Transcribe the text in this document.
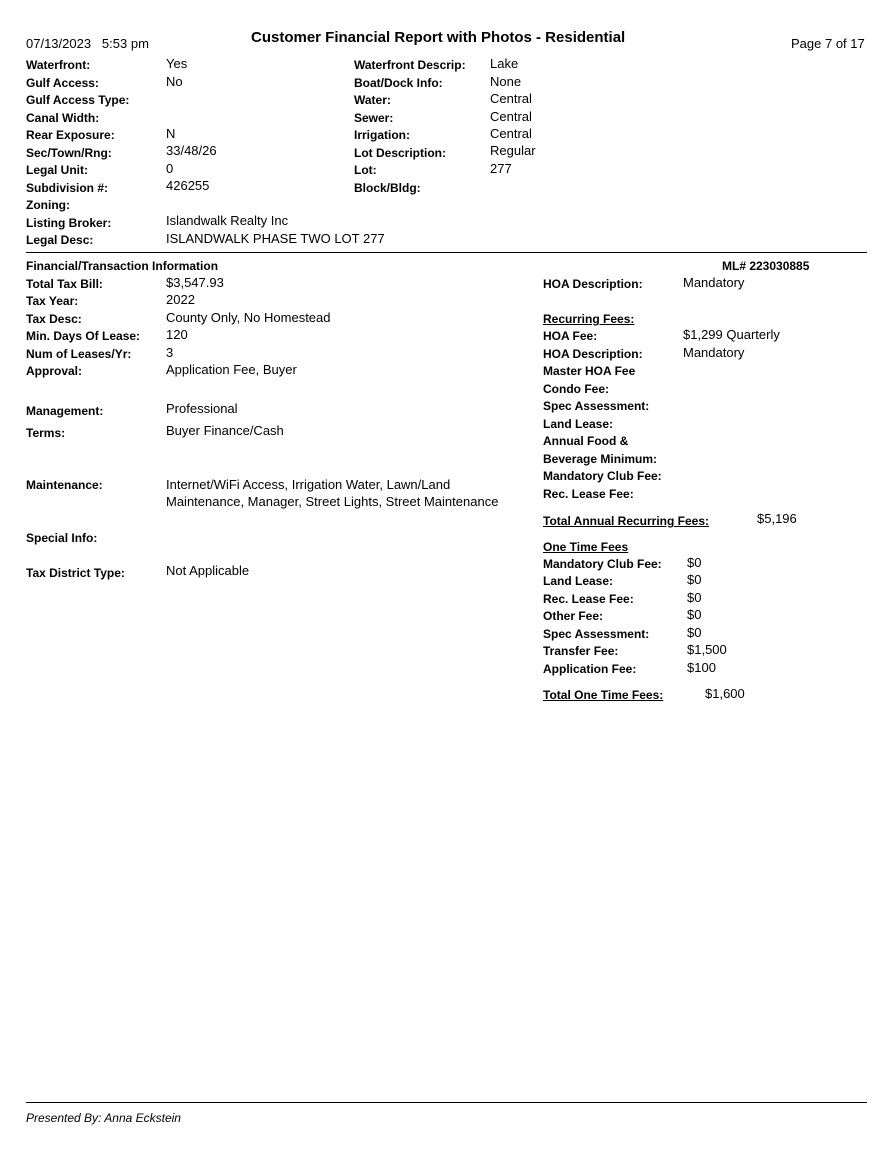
07/13/2023 5:53 pm	Customer Financial Report with Photos - Residential	Page 7 of 17
Waterfront:	Yes
Gulf Access:	No
Gulf Access Type:
Canal Width:
Rear Exposure:	N
Sec/Town/Rng:	33/48/26
Legal Unit:	0
Subdivision #:	426255
Zoning:
Listing Broker:	Islandwalk Realty Inc
Legal Desc:	ISLANDWALK PHASE TWO LOT 277
Waterfront Descrip: Lake
Boat/Dock Info:	None
Water:	Central
Sewer:	Central
Irrigation:	Central
Lot Description:	Regular
Lot:	277
Block/Bldg:
Financial/Transaction Information	ML# 223030885
Total Tax Bill:	$3,547.93
Tax Year:	2022
Tax Desc:	County Only, No Homestead
Min. Days Of Lease: 120
Num of Leases/Yr:	3
Approval:	Application Fee, Buyer
Management:	Professional
Terms:	Buyer Finance/Cash
Maintenance:	Internet/WiFi Access, Irrigation Water, Lawn/Land Maintenance, Manager, Street Lights, Street Maintenance
Special Info:
Tax District Type:	Not Applicable
HOA Description:	Mandatory
Recurring Fees:
HOA Fee:	$1,299 Quarterly
HOA Description:	Mandatory
Master HOA Fee
Condo Fee:
Spec Assessment:
Land Lease:
Annual Food &
Beverage Minimum:
Mandatory Club Fee:
Rec. Lease Fee:
Total Annual Recurring Fees:	$5,196
One Time Fees
Mandatory Club Fee: $0
Land Lease:	$0
Rec. Lease Fee:	$0
Other Fee:	$0
Spec Assessment:	$0
Transfer Fee:	$1,500
Application Fee:	$100
Total One Time Fees:	$1,600
Presented By: Anna Eckstein
